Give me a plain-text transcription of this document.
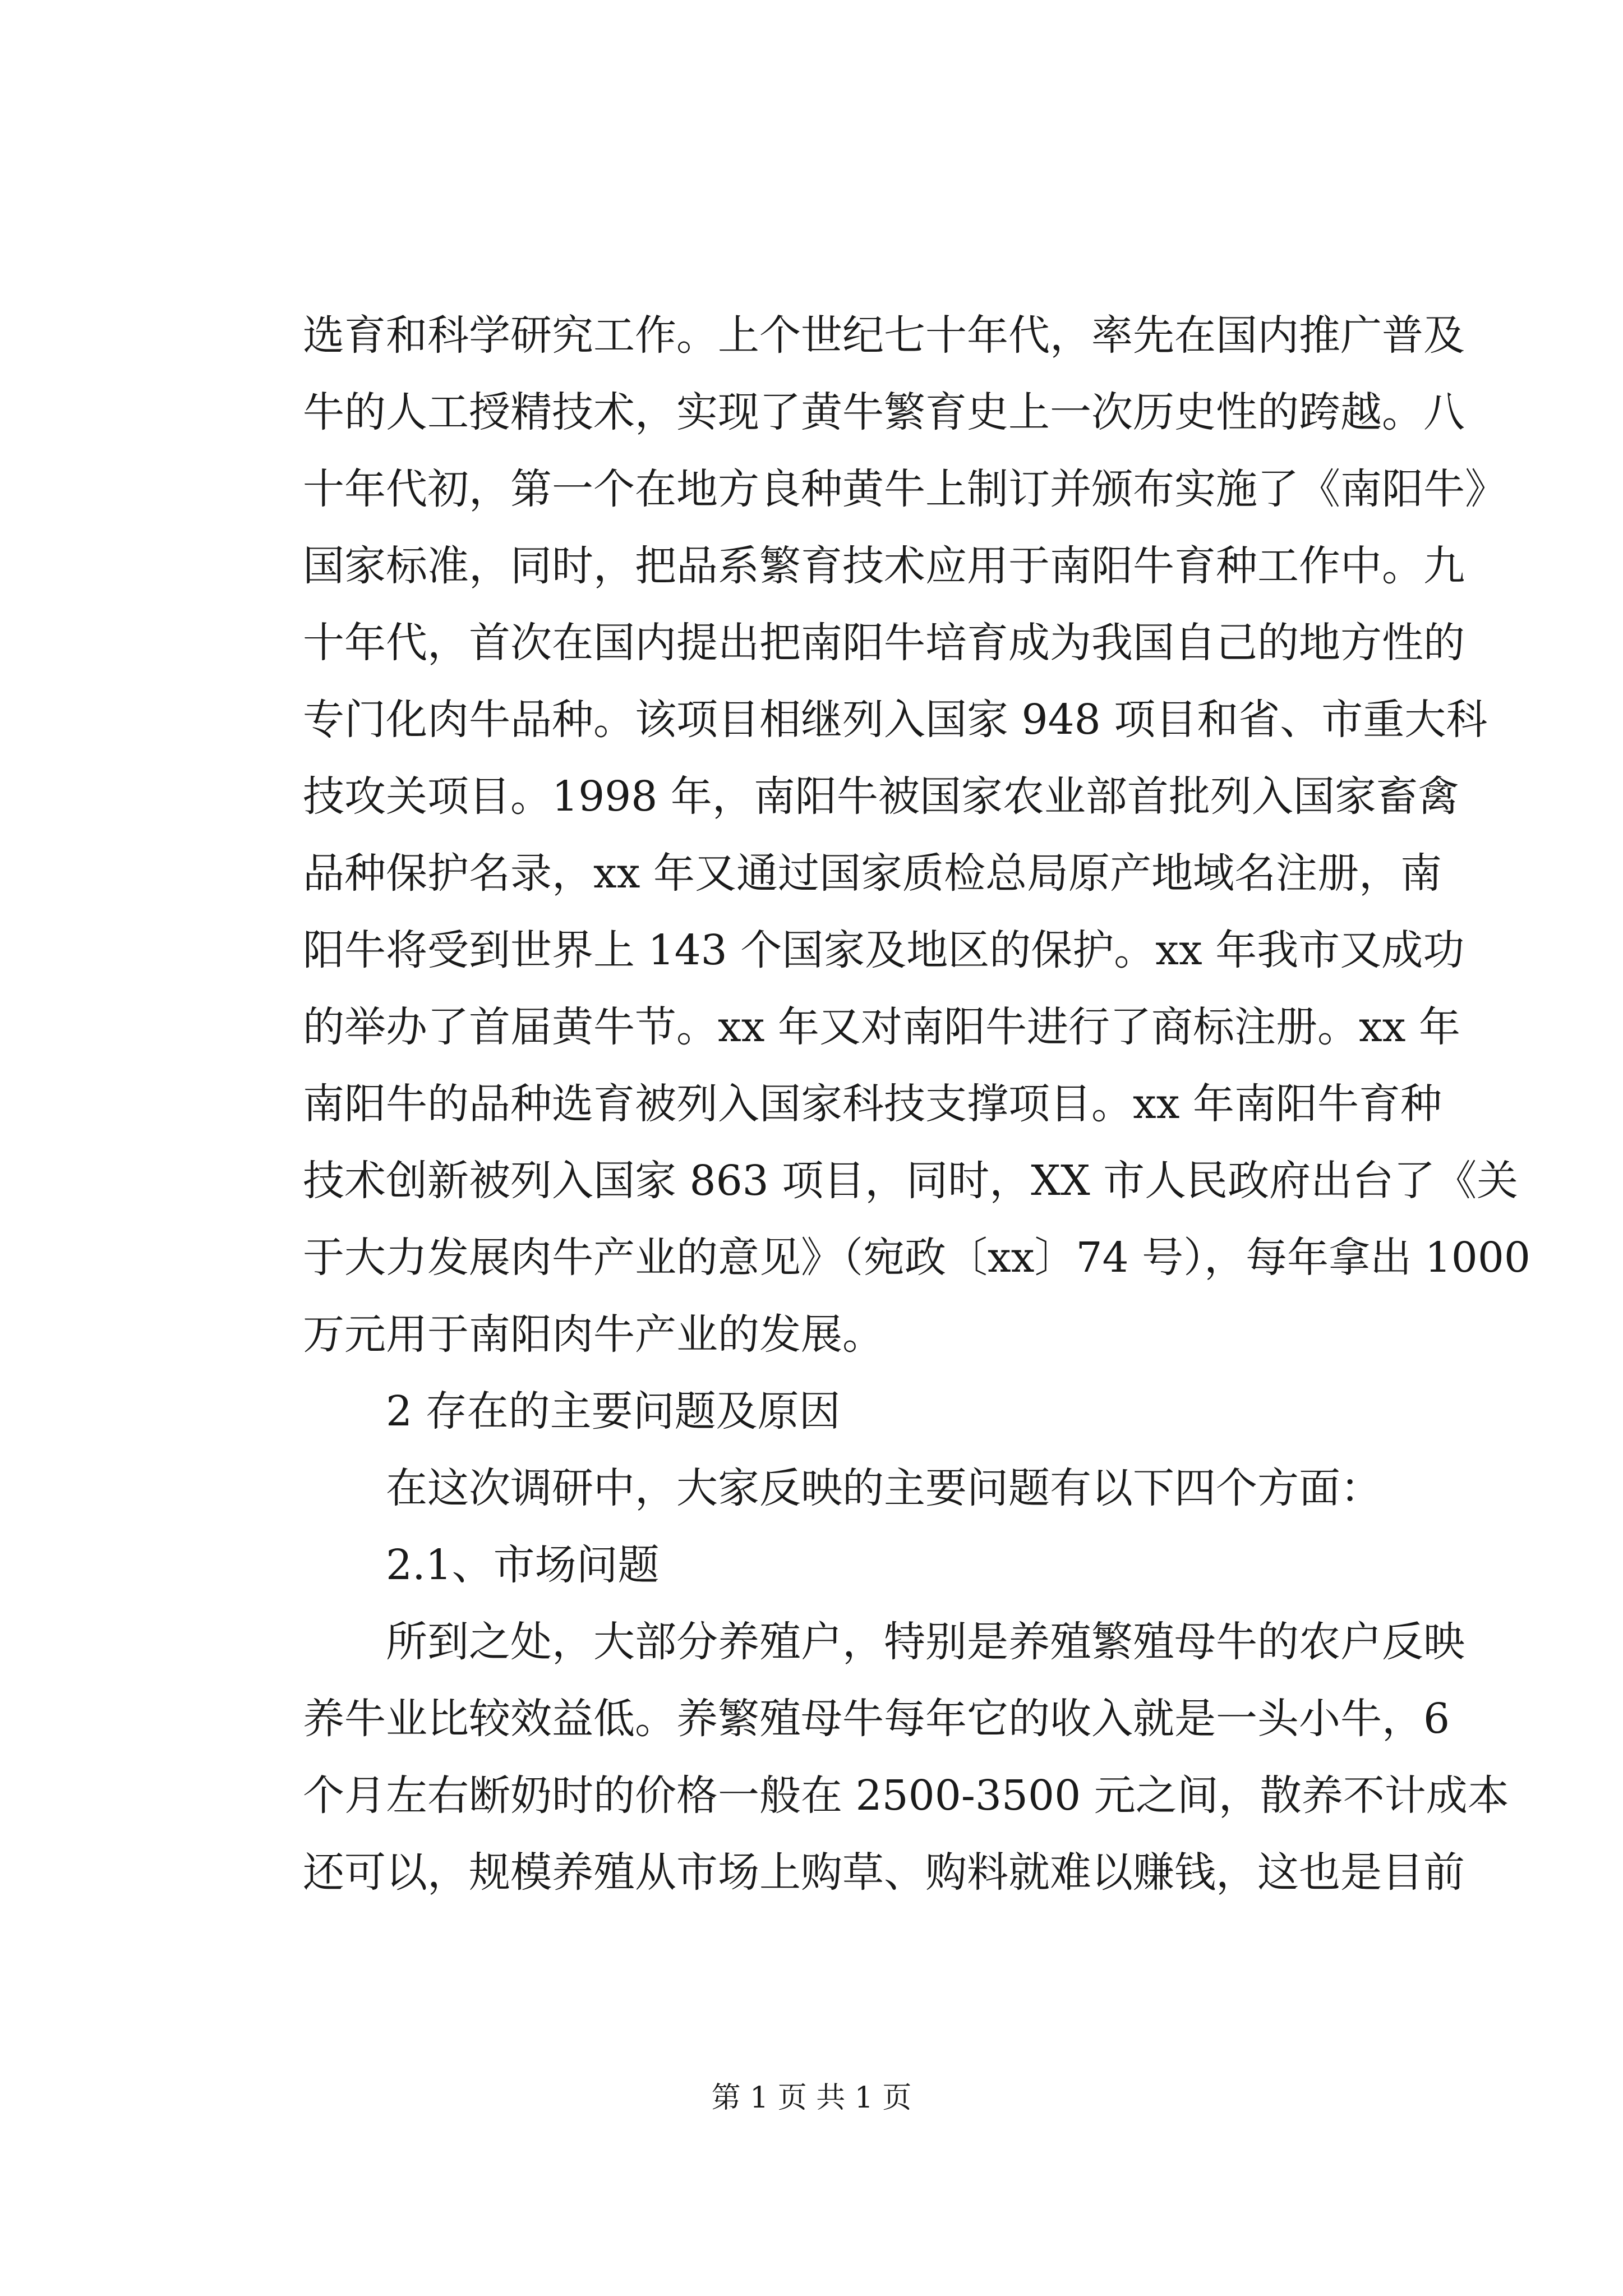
选育和科学研究工作。上个世纪七十年代，率先在国内推广普及
牛的人工授精技术，实现了黄牛繁育史上一次历史性的跨越。八
十年代初，第一个在地方良种黄牛上制订并颁布实施了《南阳牛》
国家标准，同时，把品系繁育技术应用于南阳牛育种工作中。九
十年代，首次在国内提出把南阳牛培育成为我国自己的地方性的
专门化肉牛品种。该项目相继列入国家 948 项目和省、市重大科
技攻关项目。1998 年，南阳牛被国家农业部首批列入国家畜禽
品种保护名录，xx 年又通过国家质检总局原产地域名注册，南
阳牛将受到世界上 143 个国家及地区的保护。xx 年我市又成功
的举办了首届黄牛节。xx 年又对南阳牛进行了商标注册。xx 年
南阳牛的品种选育被列入国家科技支撑项目。xx 年南阳牛育种
技术创新被列入国家 863 项目，同时，XX 市人民政府出台了《关
于大力发展肉牛产业的意见》（宛政〔xx〕74 号），每年拿出 1000
万元用于南阳肉牛产业的发展。
2 存在的主要问题及原因
在这次调研中，大家反映的主要问题有以下四个方面：
2.1、市场问题
所到之处，大部分养殖户，特别是养殖繁殖母牛的农户反映
养牛业比较效益低。养繁殖母牛每年它的收入就是一头小牛，6
个月左右断奶时的价格一般在 2500-3500 元之间，散养不计成本
还可以，规模养殖从市场上购草、购料就难以赚钱，这也是目前
第 1 页 共 1 页
